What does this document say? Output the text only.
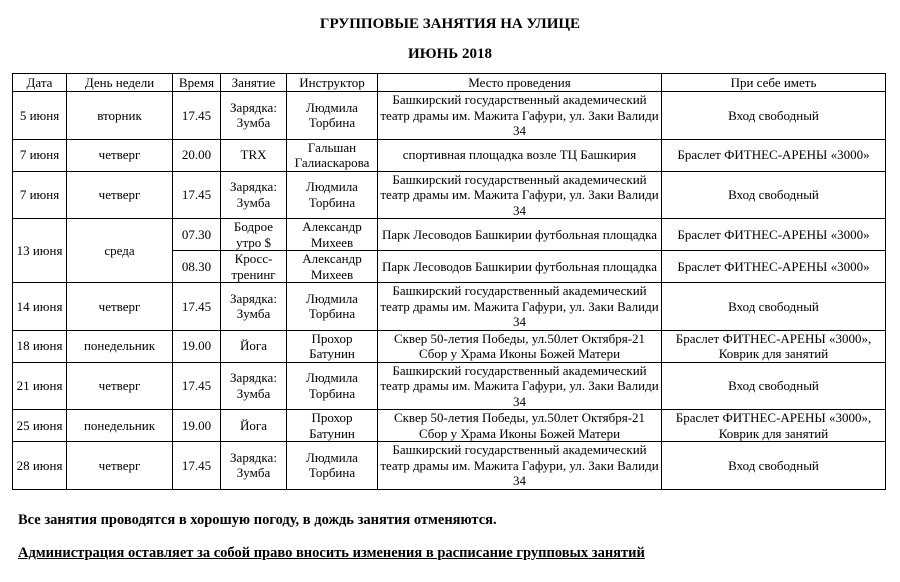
ГРУППОВЫЕ ЗАНЯТИЯ НА УЛИЦЕ
ИЮНЬ 2018
Дата	День недели	Время	Занятие	Инструктор	Место проведения	При себе иметь
5 июня	вторник	17.45	Зарядка: Зумба	Людмила Торбина	Башкирский государственный академический театр драмы им. Мажита Гафури, ул. Заки Валиди 34	Вход свободный
7 июня	четверг	20.00	TRX	Гальшан Галиаскарова	спортивная площадка возле ТЦ Башкирия	Браслет ФИТНЕС-АРЕНЫ «3000»
7 июня	четверг	17.45	Зарядка: Зумба	Людмила Торбина	Башкирский государственный академический театр драмы им. Мажита Гафури, ул. Заки Валиди 34	Вход свободный
13 июня	среда	07.30	Бодрое утро $	Александр Михеев	Парк Лесоводов Башкирии футбольная площадка	Браслет ФИТНЕС-АРЕНЫ «3000»
		08.30	Кросс-тренинг	Александр Михеев	Парк Лесоводов Башкирии футбольная площадка	Браслет ФИТНЕС-АРЕНЫ «3000»
14 июня	четверг	17.45	Зарядка: Зумба	Людмила Торбина	Башкирский государственный академический театр драмы им. Мажита Гафури, ул. Заки Валиди 34	Вход свободный
18 июня	понедельник	19.00	Йога	Прохор Батунин	Сквер 50-летия Победы, ул.50лет Октября-21 Сбор у Храма Иконы Божей Матери	Браслет ФИТНЕС-АРЕНЫ «3000», Коврик для занятий
21 июня	четверг	17.45	Зарядка: Зумба	Людмила Торбина	Башкирский государственный академический театр драмы им. Мажита Гафури, ул. Заки Валиди 34	Вход свободный
25 июня	понедельник	19.00	Йога	Прохор Батунин	Сквер 50-летия Победы, ул.50лет Октября-21 Сбор у Храма Иконы Божей Матери	Браслет ФИТНЕС-АРЕНЫ «3000», Коврик для занятий
28 июня	четверг	17.45	Зарядка: Зумба	Людмила Торбина	Башкирский государственный академический театр драмы им. Мажита Гафури, ул. Заки Валиди 34	Вход свободный
Все занятия проводятся в хорошую погоду, в дождь занятия отменяются.
Администрация оставляет за собой право вносить изменения в расписание групповых занятий
